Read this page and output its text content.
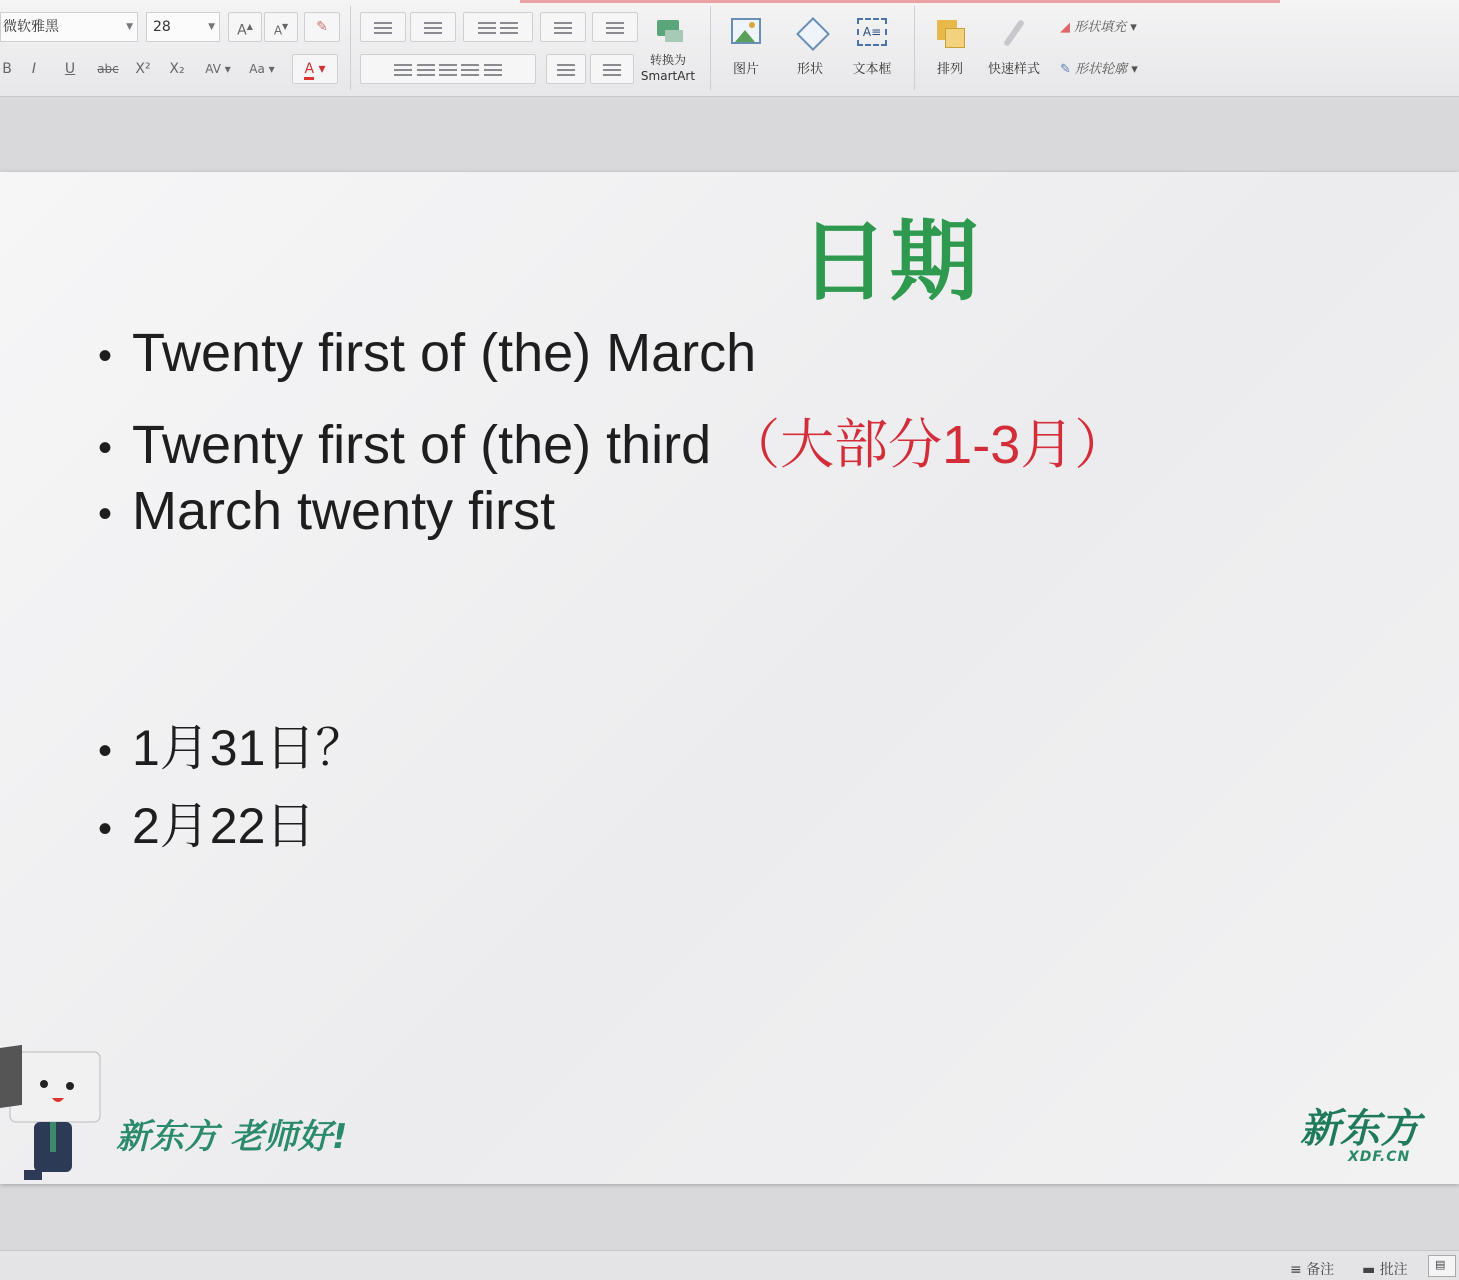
微软雅黑	▼	28	▼	A▲	A▼	✎

B	I	U	abc	X²	X₂	AV ▾	Aa ▾	A ▾

转换为
SmartArt	图片	形状
A≡
文本框	排列	快速样式
◢ 形状填充 ▾
✎ 形状轮廓 ▾
日期
• Twenty first of (the) March
• Twenty first of (the) third （大部分1-3月）
• March twenty first
• 1月31日？
• 2月22日
新东方 老师好!	新东方
XDF.CN
≡ 备注 ▬ 批注	▤
